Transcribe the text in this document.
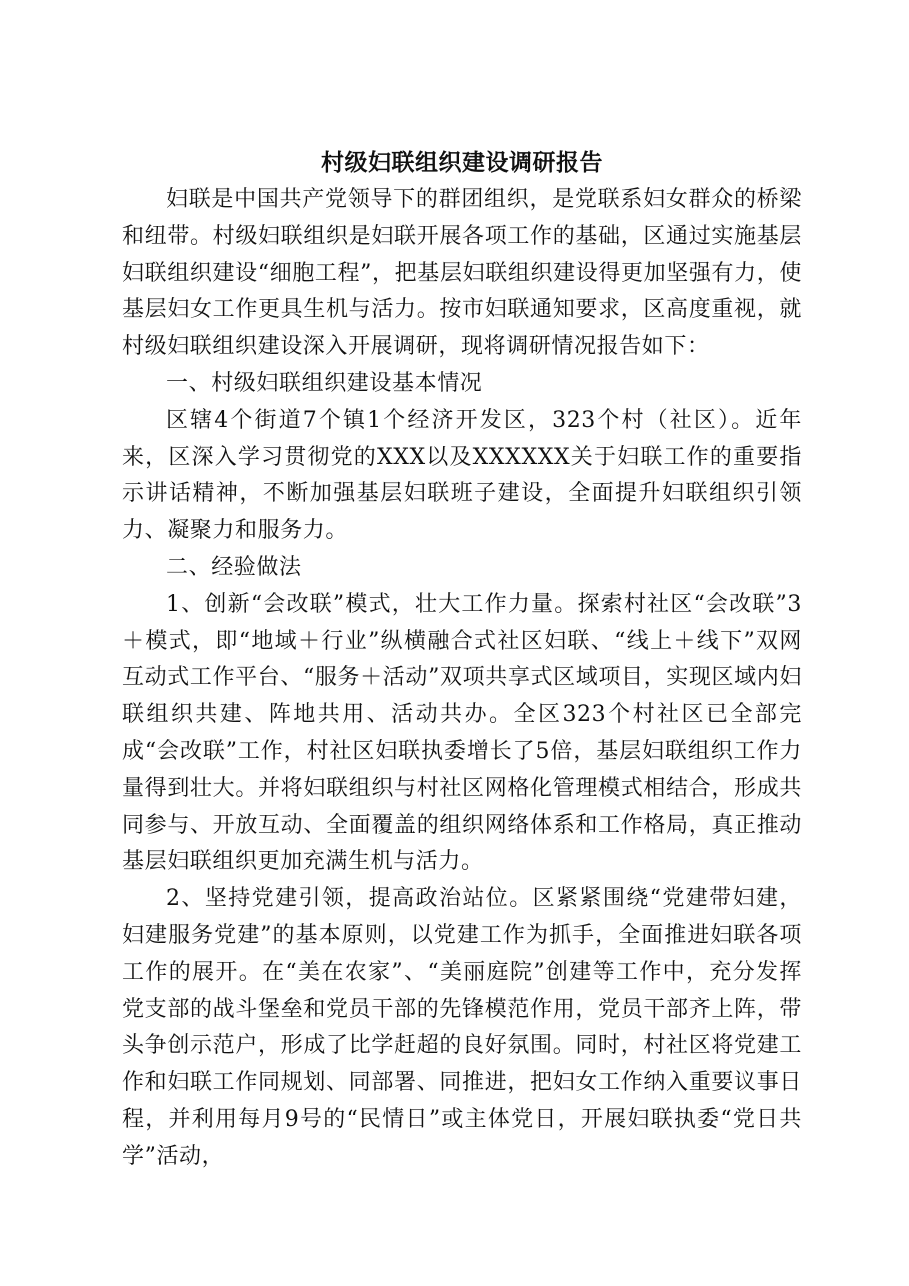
村级妇联组织建设调研报告

妇联是中国共产党领导下的群团组织，是党联系妇女群众的桥梁和纽带。村级妇联组织是妇联开展各项工作的基础，区通过实施基层妇联组织建设“细胞工程”，把基层妇联组织建设得更加坚强有力，使基层妇女工作更具生机与活力。按市妇联通知要求，区高度重视，就村级妇联组织建设深入开展调研，现将调研情况报告如下：

一、村级妇联组织建设基本情况

区辖4个街道7个镇1个经济开发区，323个村（社区）。近年来，区深入学习贯彻党的XXX以及XXXXXX关于妇联工作的重要指示讲话精神，不断加强基层妇联班子建设，全面提升妇联组织引领力、凝聚力和服务力。

二、经验做法

1、创新“会改联”模式，壮大工作力量。探索村社区“会改联”3＋模式，即“地域＋行业”纵横融合式社区妇联、“线上＋线下”双网互动式工作平台、“服务＋活动”双项共享式区域项目，实现区域内妇联组织共建、阵地共用、活动共办。全区323个村社区已全部完成“会改联”工作，村社区妇联执委增长了5倍，基层妇联组织工作力量得到壮大。并将妇联组织与村社区网格化管理模式相结合，形成共同参与、开放互动、全面覆盖的组织网络体系和工作格局，真正推动基层妇联组织更加充满生机与活力。

2、坚持党建引领，提高政治站位。区紧紧围绕“党建带妇建，妇建服务党建”的基本原则，以党建工作为抓手，全面推进妇联各项工作的展开。在“美在农家”、“美丽庭院”创建等工作中，充分发挥党支部的战斗堡垒和党员干部的先锋模范作用，党员干部齐上阵，带头争创示范户，形成了比学赶超的良好氛围。同时，村社区将党建工作和妇联工作同规划、同部署、同推进，把妇女工作纳入重要议事日程，并利用每月9号的“民情日”或主体党日，开展妇联执委“党日共学”活动，
